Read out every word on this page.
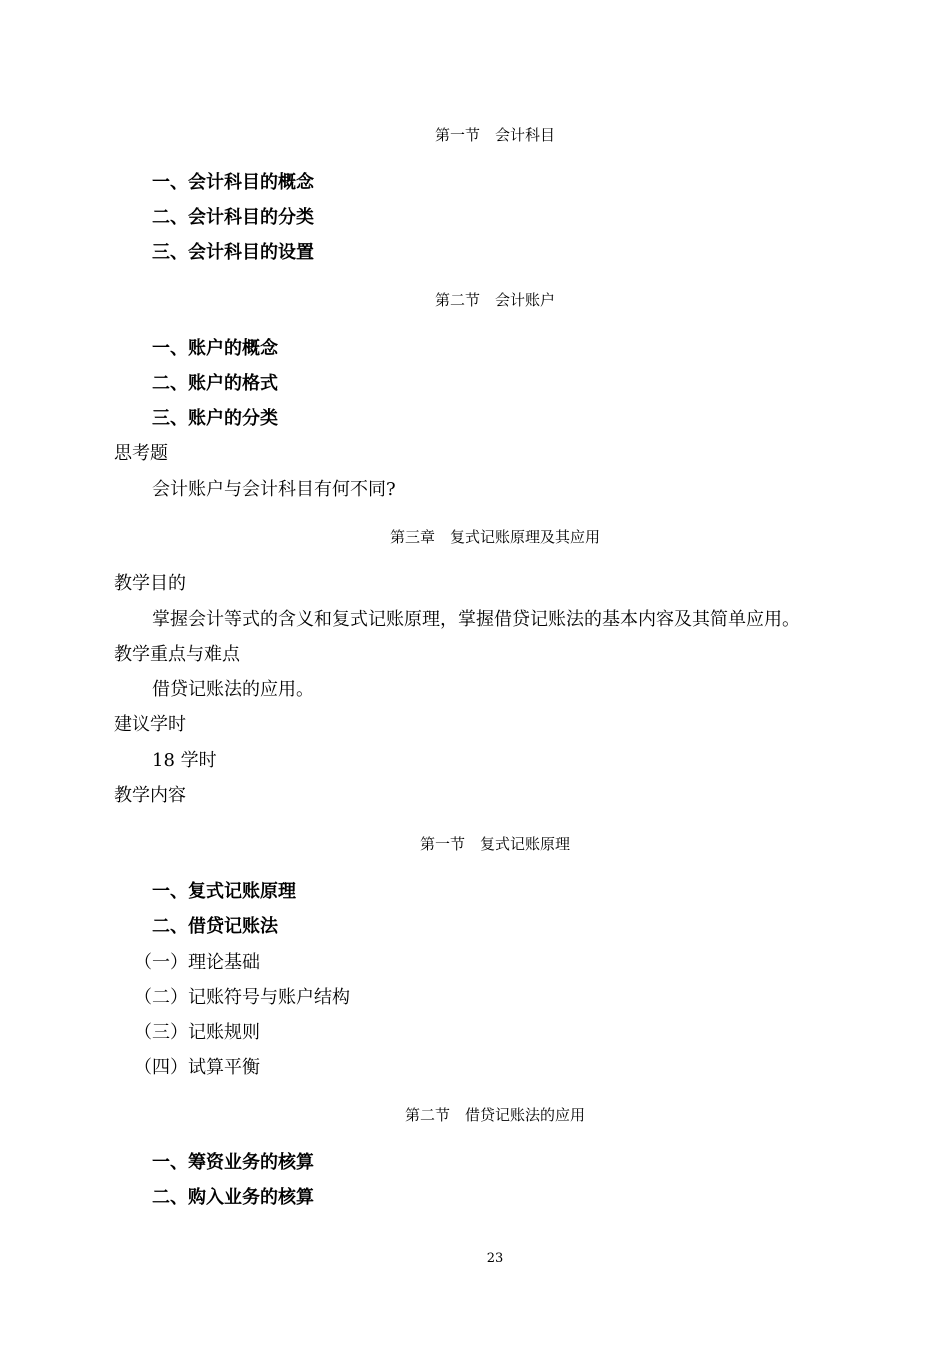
第一节　会计科目
一、会计科目的概念
二、会计科目的分类
三、会计科目的设置
第二节　会计账户
一、账户的概念
二、账户的格式
三、账户的分类
思考题
会计账户与会计科目有何不同?
第三章　复式记账原理及其应用
教学目的
掌握会计等式的含义和复式记账原理，掌握借贷记账法的基本内容及其简单应用。
教学重点与难点
借贷记账法的应用。
建议学时
18 学时
教学内容
第一节　复式记账原理
一、复式记账原理
二、借贷记账法
（一）理论基础
（二）记账符号与账户结构
（三）记账规则
（四）试算平衡
第二节　借贷记账法的应用
一、筹资业务的核算
二、购入业务的核算
23
